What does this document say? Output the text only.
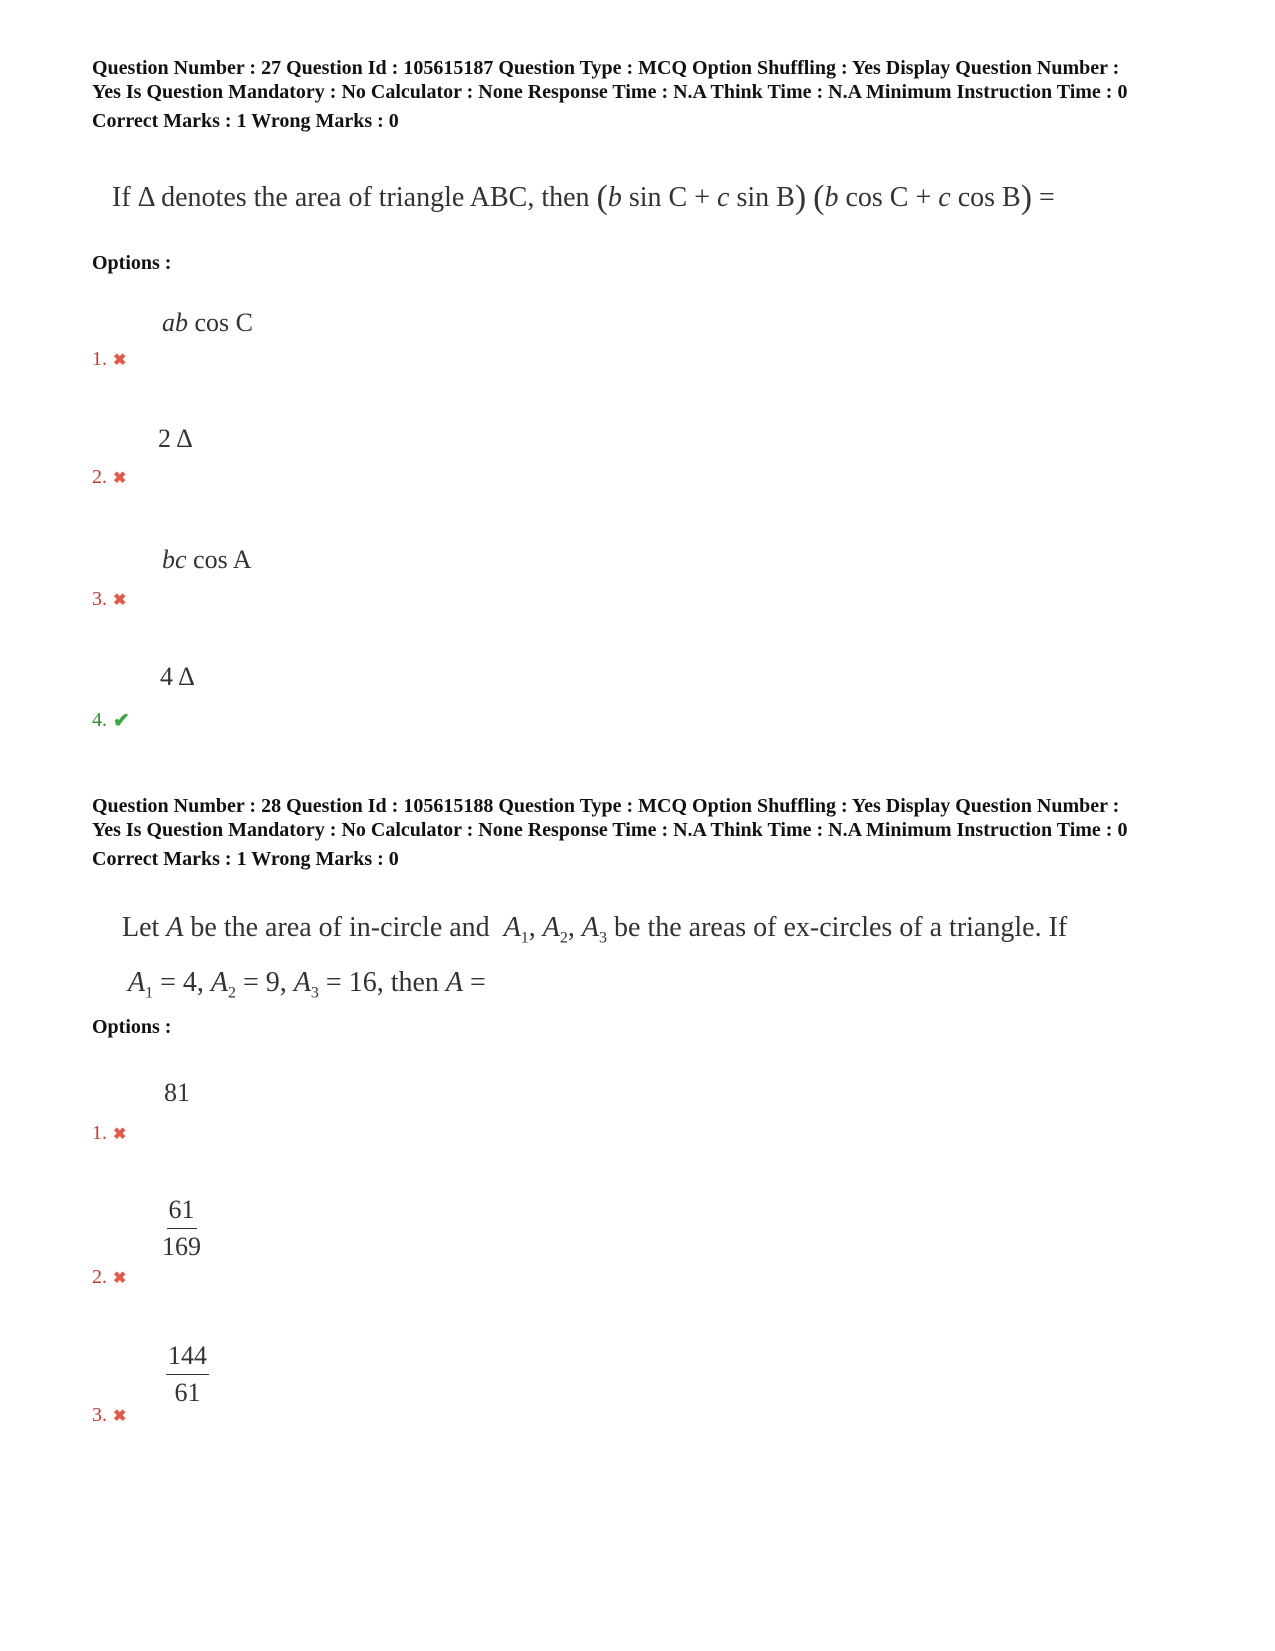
Question Number : 27 Question Id : 105615187 Question Type : MCQ Option Shuffling : Yes Display Question Number :
Yes Is Question Mandatory : No Calculator : None Response Time : N.A Think Time : N.A Minimum Instruction Time : 0
Correct Marks : 1 Wrong Marks : 0
If Δ denotes the area of triangle ABC, then (b sin C + c sin B) (b cos C + c cos B) =
Options :
ab cos C
1. ✖
2 Δ
2. ✖
bc cos A
3. ✖
4 Δ
4. ✔
Question Number : 28 Question Id : 105615188 Question Type : MCQ Option Shuffling : Yes Display Question Number :
Yes Is Question Mandatory : No Calculator : None Response Time : N.A Think Time : N.A Minimum Instruction Time : 0
Correct Marks : 1 Wrong Marks : 0
Let A be the area of in-circle and  $A_1$, $A_2$, $A_3$ be the areas of ex-circles of a triangle. If
$A_1 = 4$, $A_2 = 9$, $A_3 = 16$, then A =
Options :
81
1. ✖
$\frac{61}{169}$
2. ✖
$\frac{144}{61}$
3. ✖
